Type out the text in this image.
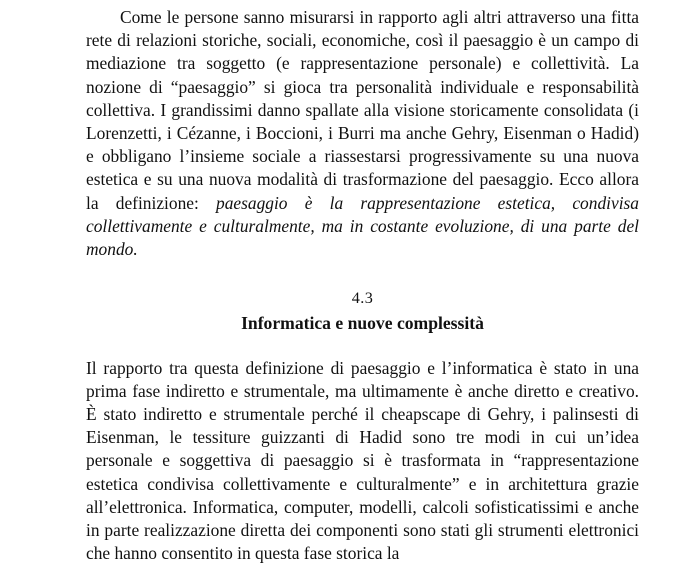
Come le persone sanno misurarsi in rapporto agli altri attraverso una fitta rete di relazioni storiche, sociali, economiche, così il paesaggio è un campo di mediazione tra soggetto (e rappresentazione personale) e collettività. La nozione di “paesaggio” si gioca tra personalità individuale e responsabilità collettiva. I grandissimi danno spallate alla visione storicamente consolidata (i Lorenzetti, i Cézanne, i Boccioni, i Burri ma anche Gehry, Eisenman o Hadid) e obbligano l’insieme sociale a riassestarsi progressivamente su una nuova estetica e su una nuova modalità di trasformazione del paesaggio. Ecco allora la definizione: paesaggio è la rappresentazione estetica, condivisa collettivamente e culturalmente, ma in costante evoluzione, di una parte del mondo.

4.3
Informatica e nuove complessità

Il rapporto tra questa definizione di paesaggio e l’informatica è stato in una prima fase indiretto e strumentale, ma ultimamente è anche diretto e creativo. È stato indiretto e strumentale perché il cheapscape di Gehry, i palinsesti di Eisenman, le tessiture guizzanti di Hadid sono tre modi in cui un’idea personale e soggettiva di paesaggio si è trasformata in “rappresentazione estetica condivisa collettivamente e culturalmente” e in architettura grazie all’elettronica. Informatica, computer, modelli, calcoli sofisticatissimi e anche in parte realizzazione diretta dei componenti sono stati gli strumenti elettronici che hanno consentito in questa fase storica la
